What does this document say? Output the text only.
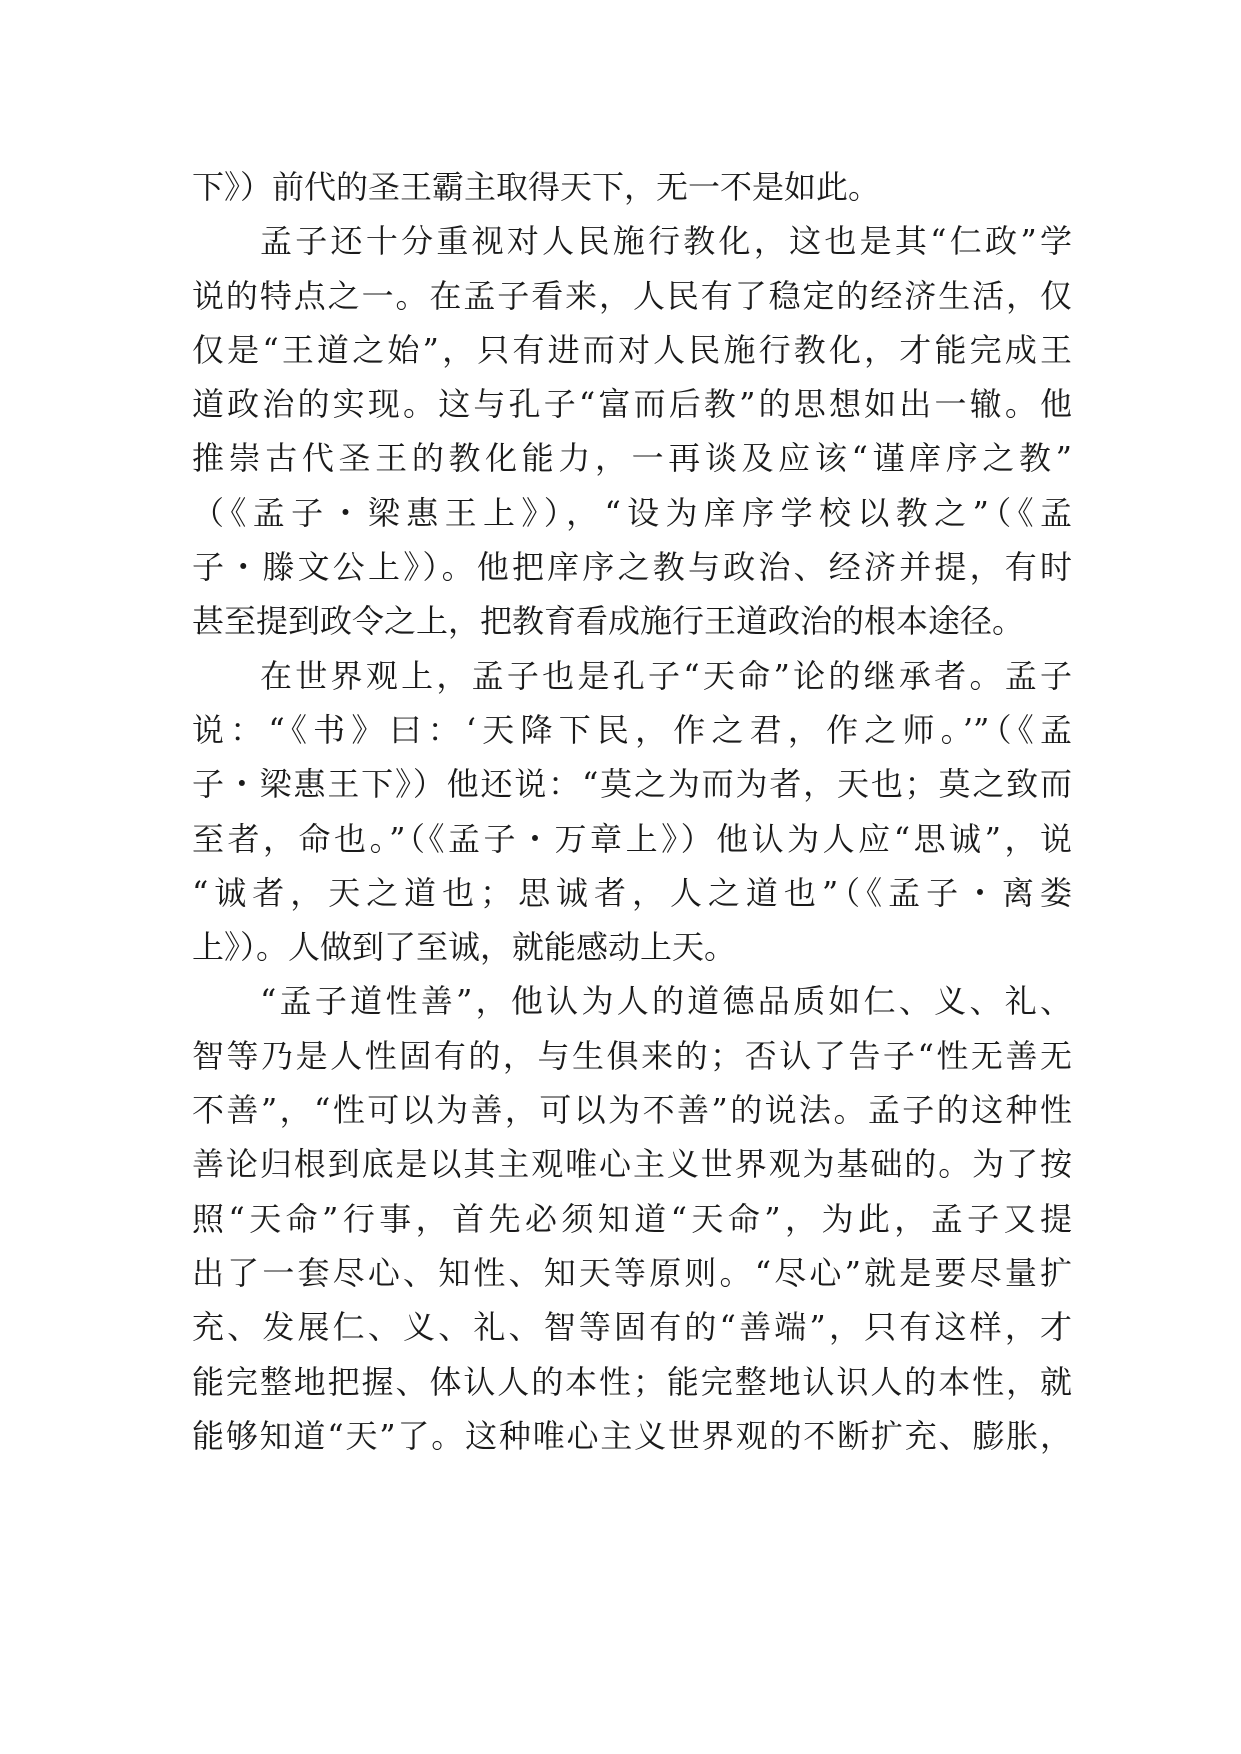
下》）前代的圣王霸主取得天下，无一不是如此。
孟子还十分重视对人民施行教化，这也是其“仁政”学
说的特点之一。在孟子看来，人民有了稳定的经济生活，仅
仅是“王道之始”，只有进而对人民施行教化，才能完成王
道政治的实现。这与孔子“富而后教”的思想如出一辙。他
推崇古代圣王的教化能力，一再谈及应该“谨庠序之教”
（《孟子・梁惠王上》），“设为庠序学校以教之”（《孟
子・滕文公上》）。他把庠序之教与政治、经济并提，有时
甚至提到政令之上，把教育看成施行王道政治的根本途径。
在世界观上，孟子也是孔子“天命”论的继承者。孟子
说：“《书》曰：‘天降下民，作之君，作之师。’”（《孟
子・梁惠王下》）他还说：“莫之为而为者，天也；莫之致而
至者，命也。”（《孟子・万章上》）他认为人应“思诚”，说
“诚者，天之道也；思诚者，人之道也”（《孟子・离娄
上》）。人做到了至诚，就能感动上天。
“孟子道性善”，他认为人的道德品质如仁、义、礼、
智等乃是人性固有的，与生俱来的；否认了告子“性无善无
不善”，“性可以为善，可以为不善”的说法。孟子的这种性
善论归根到底是以其主观唯心主义世界观为基础的。为了按
照“天命”行事，首先必须知道“天命”，为此，孟子又提
出了一套尽心、知性、知天等原则。“尽心”就是要尽量扩
充、发展仁、义、礼、智等固有的“善端”，只有这样，才
能完整地把握、体认人的本性；能完整地认识人的本性，就
能够知道“天”了。这种唯心主义世界观的不断扩充、膨胀，
